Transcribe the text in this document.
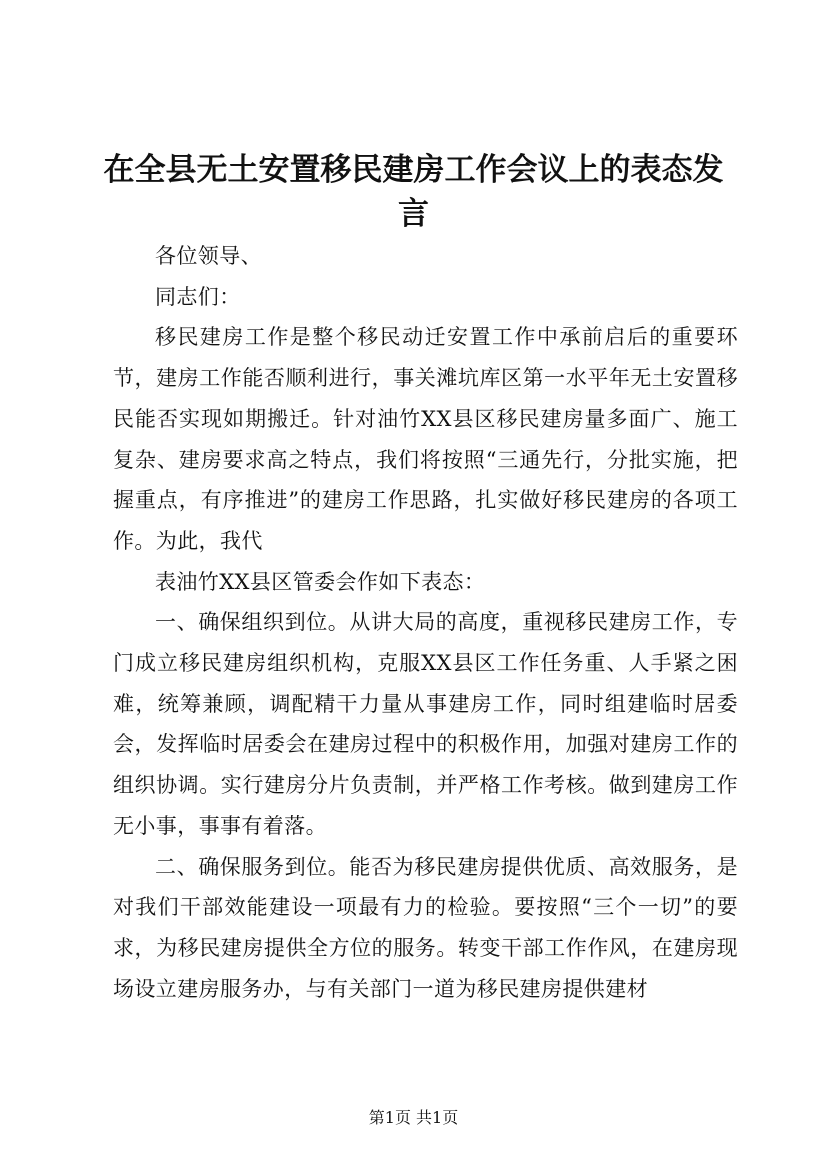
在全县无土安置移民建房工作会议上的表态发言

各位领导、

同志们：

移民建房工作是整个移民动迁安置工作中承前启后的重要环节，建房工作能否顺利进行，事关滩坑库区第一水平年无土安置移民能否实现如期搬迁。针对油竹XX县区移民建房量多面广、施工复杂、建房要求高之特点，我们将按照“三通先行，分批实施，把握重点，有序推进”的建房工作思路，扎实做好移民建房的各项工作。为此，我代

表油竹XX县区管委会作如下表态：

一、确保组织到位。从讲大局的高度，重视移民建房工作，专门成立移民建房组织机构，克服XX县区工作任务重、人手紧之困难，统筹兼顾，调配精干力量从事建房工作，同时组建临时居委会，发挥临时居委会在建房过程中的积极作用，加强对建房工作的组织协调。实行建房分片负责制，并严格工作考核。做到建房工作无小事，事事有着落。

二、确保服务到位。能否为移民建房提供优质、高效服务，是对我们干部效能建设一项最有力的检验。要按照“三个一切”的要求，为移民建房提供全方位的服务。转变干部工作作风，在建房现场设立建房服务办，与有关部门一道为移民建房提供建材

第1页 共1页
